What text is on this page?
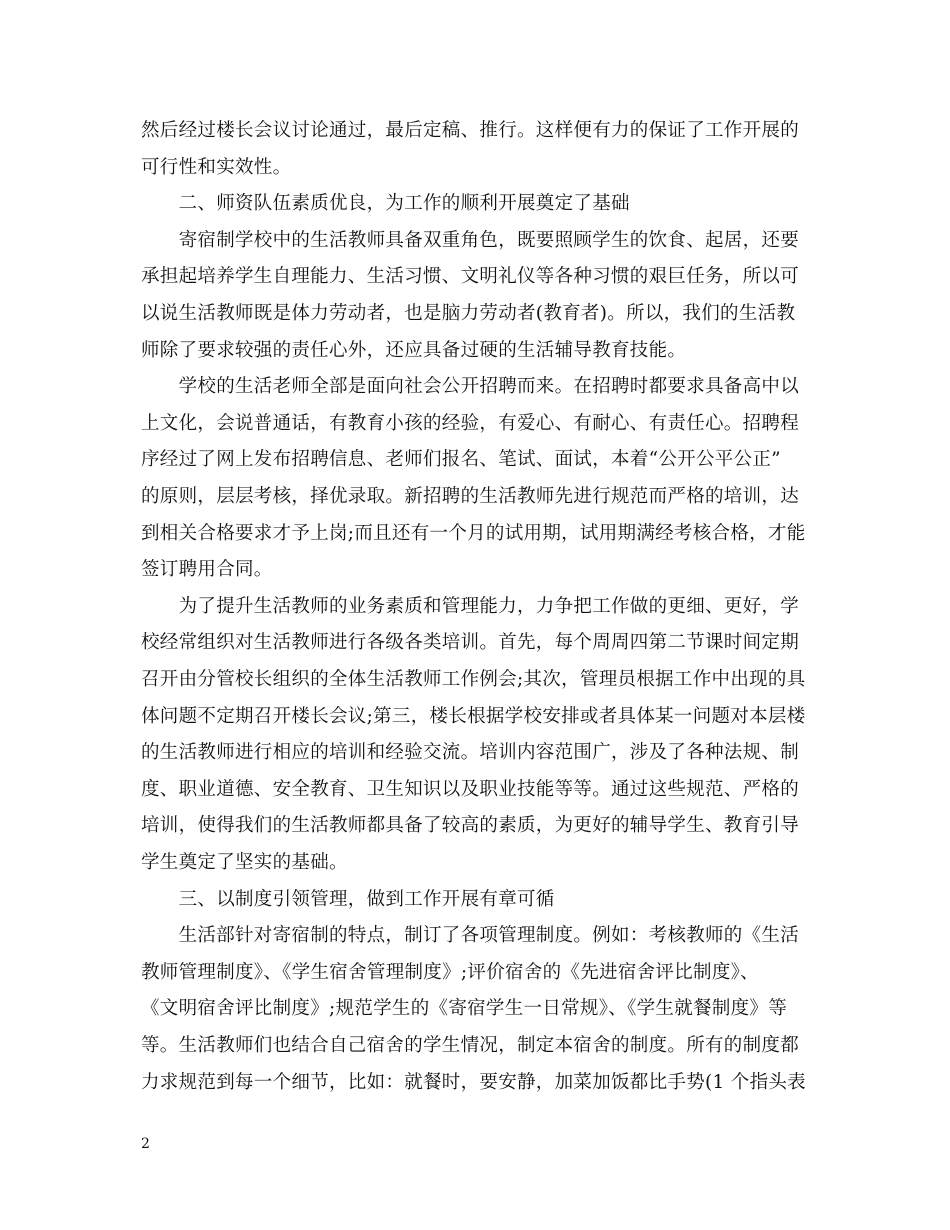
然后经过楼长会议讨论通过，最后定稿、推行。这样便有力的保证了工作开展的
可行性和实效性。
　　二、师资队伍素质优良，为工作的顺利开展奠定了基础
　　寄宿制学校中的生活教师具备双重角色，既要照顾学生的饮食、起居，还要
承担起培养学生自理能力、生活习惯、文明礼仪等各种习惯的艰巨任务，所以可
以说生活教师既是体力劳动者，也是脑力劳动者(教育者)。所以，我们的生活教
师除了要求较强的责任心外，还应具备过硬的生活辅导教育技能。
　　学校的生活老师全部是面向社会公开招聘而来。在招聘时都要求具备高中以
上文化，会说普通话，有教育小孩的经验，有爱心、有耐心、有责任心。招聘程
序经过了网上发布招聘信息、老师们报名、笔试、面试，本着“公开公平公正”
的原则，层层考核，择优录取。新招聘的生活教师先进行规范而严格的培训，达
到相关合格要求才予上岗;而且还有一个月的试用期，试用期满经考核合格，才能
签订聘用合同。
　　为了提升生活教师的业务素质和管理能力，力争把工作做的更细、更好，学
校经常组织对生活教师进行各级各类培训。首先，每个周周四第二节课时间定期
召开由分管校长组织的全体生活教师工作例会;其次，管理员根据工作中出现的具
体问题不定期召开楼长会议;第三，楼长根据学校安排或者具体某一问题对本层楼
的生活教师进行相应的培训和经验交流。培训内容范围广，涉及了各种法规、制
度、职业道德、安全教育、卫生知识以及职业技能等等。通过这些规范、严格的
培训，使得我们的生活教师都具备了较高的素质，为更好的辅导学生、教育引导
学生奠定了坚实的基础。
　　三、以制度引领管理，做到工作开展有章可循
　　生活部针对寄宿制的特点，制订了各项管理制度。例如：考核教师的《生活
教师管理制度》、《学生宿舍管理制度》;评价宿舍的《先进宿舍评比制度》、
《文明宿舍评比制度》;规范学生的《寄宿学生一日常规》、《学生就餐制度》等
等。生活教师们也结合自己宿舍的学生情况，制定本宿舍的制度。所有的制度都
力求规范到每一个细节，比如：就餐时，要安静，加菜加饭都比手势(1 个指头表
2
